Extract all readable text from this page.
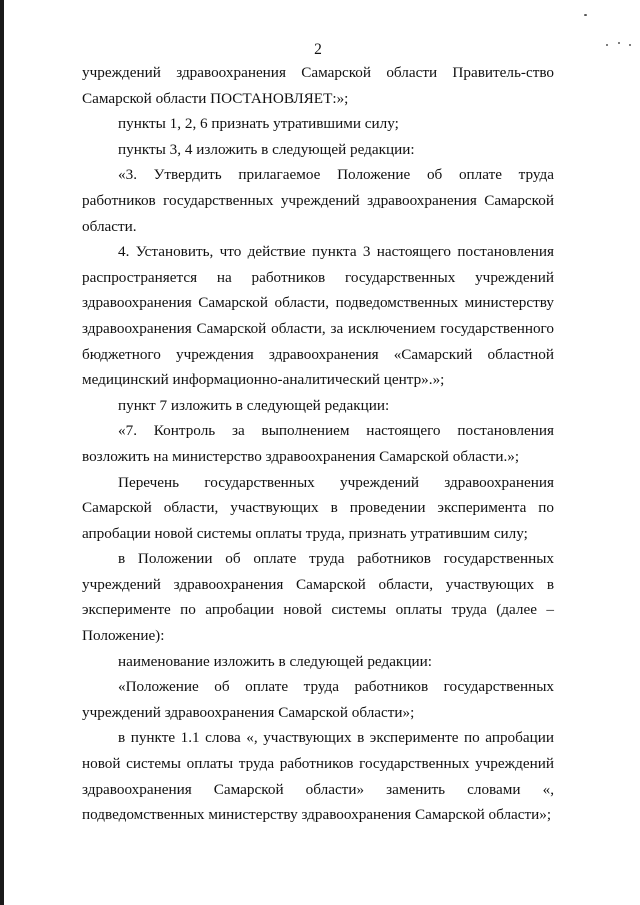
2

учреждений здравоохранения Самарской области Правитель-ство Самарской области ПОСТАНОВЛЯЕТ:»;

пункты 1, 2, 6 признать утратившими силу;

пункты 3, 4 изложить в следующей редакции:

«3. Утвердить прилагаемое Положение об оплате труда работников государственных учреждений здравоохранения Самарской области.

4. Установить, что действие пункта 3 настоящего постановления распространяется на работников государственных учреждений здравоохранения Самарской области, подведомственных министерству здравоохранения Самарской области, за исключением государственного бюджетного учреждения здравоохранения «Самарский областной медицинский информационно-аналитический центр».»;

пункт 7 изложить в следующей редакции:

«7. Контроль за выполнением настоящего постановления возложить на министерство здравоохранения Самарской области.»;

Перечень государственных учреждений здравоохранения Самарской области, участвующих в проведении эксперимента по апробации новой системы оплаты труда, признать утратившим силу;

в Положении об оплате труда работников государственных учреждений здравоохранения Самарской области, участвующих в эксперименте по апробации новой системы оплаты труда (далее – Положение):

наименование изложить в следующей редакции:

«Положение об оплате труда работников государственных учреждений здравоохранения Самарской области»;

в пункте 1.1 слова «, участвующих в эксперименте по апробации новой системы оплаты труда работников государственных учреждений здравоохранения Самарской области» заменить словами «, подведомственных министерству здравоохранения Самарской области»;
